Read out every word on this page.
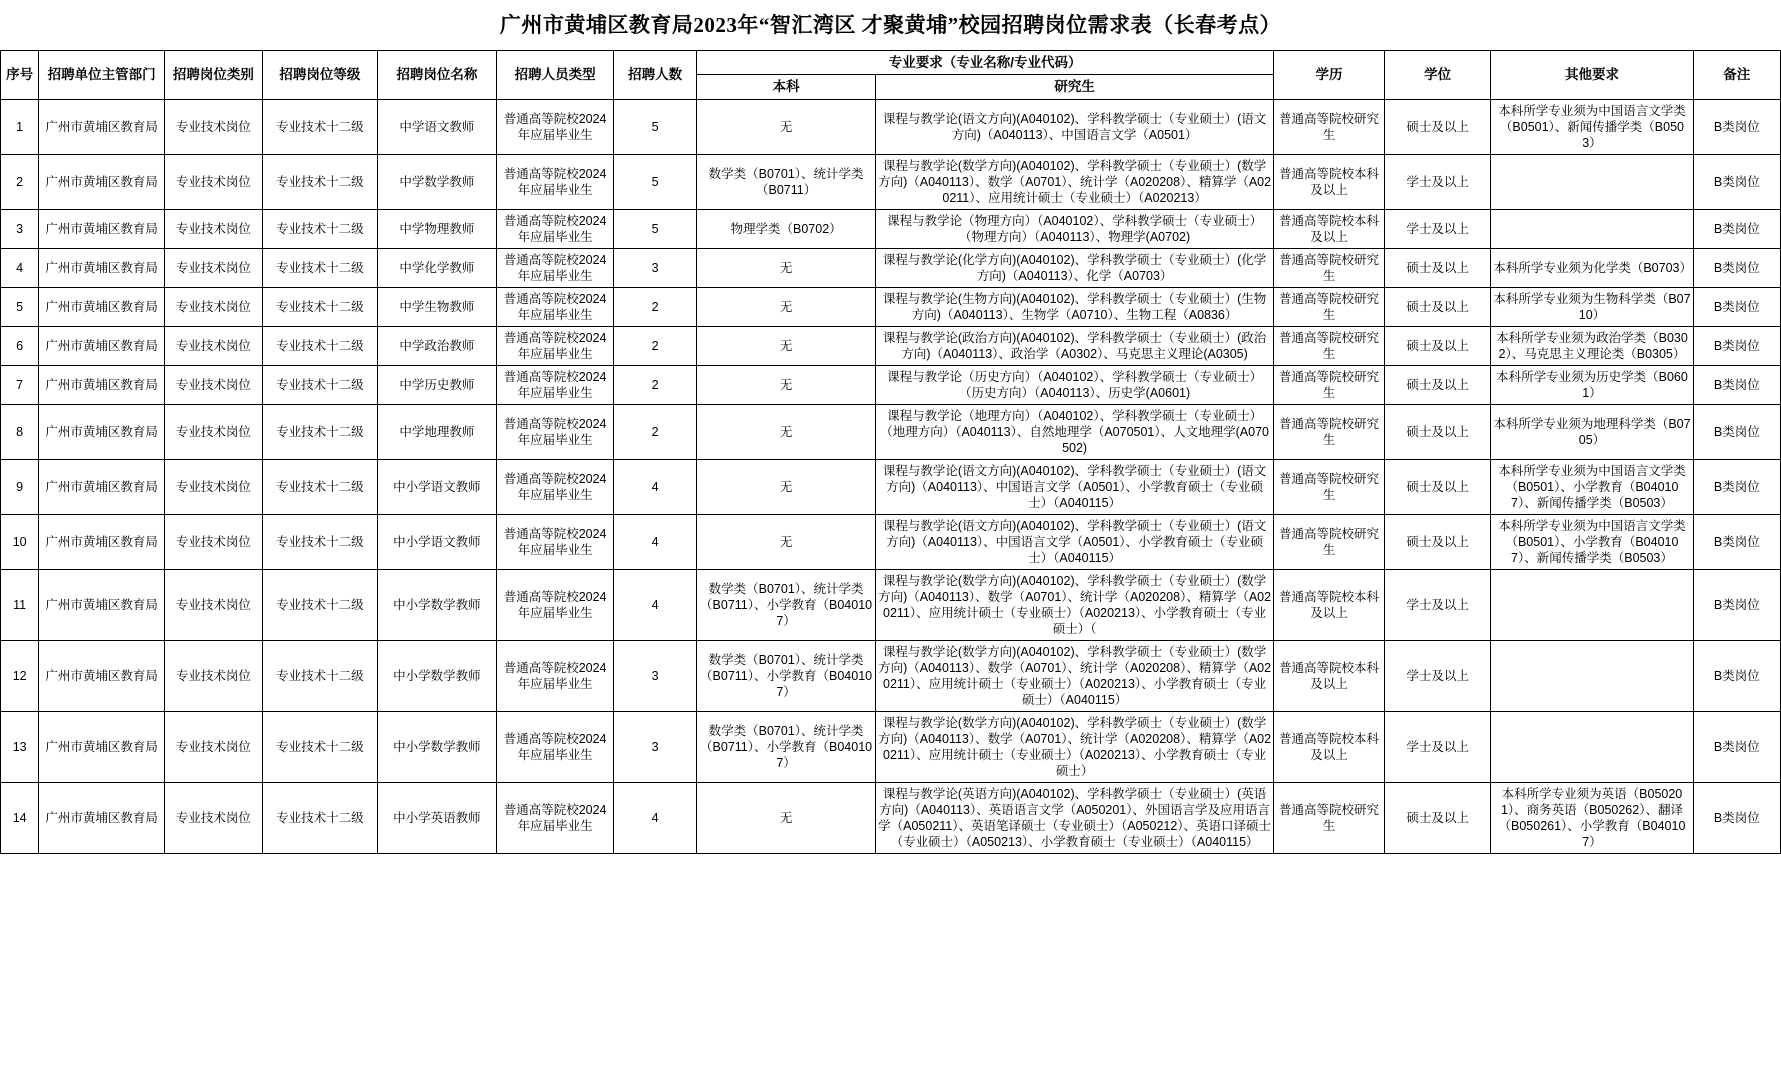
广州市黄埔区教育局2023年“智汇湾区 才聚黄埔”校园招聘岗位需求表（长春考点）
序号	招聘单位主管部门	招聘岗位类别	招聘岗位等级	招聘岗位名称	招聘人员类型	招聘人数	专业要求（专业名称/专业代码）		学历	学位	其他要求	备注
							本科	研究生				
1	广州市黄埔区教育局	专业技术岗位	专业技术十二级	中学语文教师	普通高等院校2024年应届毕业生	5	无	课程与教学论(语文方向)(A040102)、学科教学硕士（专业硕士）(语文方向)（A040113）、中国语言文学（A0501）	普通高等院校研究生	硕士及以上	本科所学专业须为中国语言文学类（B0501）、新闻传播学类（B0503）	B类岗位
2	广州市黄埔区教育局	专业技术岗位	专业技术十二级	中学数学教师	普通高等院校2024年应届毕业生	5	数学类（B0701）、统计学类（B0711）	课程与教学论(数学方向)(A040102)、学科教学硕士（专业硕士）(数学方向)（A040113）、数学（A0701）、统计学（A020208）、精算学（A020211）、应用统计硕士（专业硕士）（A020213）	普通高等院校本科及以上	学士及以上		B类岗位
3	广州市黄埔区教育局	专业技术岗位	专业技术十二级	中学物理教师	普通高等院校2024年应届毕业生	5	物理学类（B0702）	课程与教学论（物理方向）（A040102）、学科教学硕士（专业硕士）（物理方向）（A040113）、物理学(A0702)	普通高等院校本科及以上	学士及以上		B类岗位
4	广州市黄埔区教育局	专业技术岗位	专业技术十二级	中学化学教师	普通高等院校2024年应届毕业生	3	无	课程与教学论(化学方向)(A040102)、学科教学硕士（专业硕士）(化学方向)（A040113）、化学（A0703）	普通高等院校研究生	硕士及以上	本科所学专业须为化学类（B0703）	B类岗位
5	广州市黄埔区教育局	专业技术岗位	专业技术十二级	中学生物教师	普通高等院校2024年应届毕业生	2	无	课程与教学论(生物方向)(A040102)、学科教学硕士（专业硕士）(生物方向)（A040113）、生物学（A0710）、生物工程（A0836）	普通高等院校研究生	硕士及以上	本科所学专业须为生物科学类（B0710）	B类岗位
6	广州市黄埔区教育局	专业技术岗位	专业技术十二级	中学政治教师	普通高等院校2024年应届毕业生	2	无	课程与教学论(政治方向)(A040102)、学科教学硕士（专业硕士）(政治方向)（A040113）、政治学（A0302）、马克思主义理论(A0305)	普通高等院校研究生	硕士及以上	本科所学专业须为政治学类（B0302）、马克思主义理论类（B0305）	B类岗位
7	广州市黄埔区教育局	专业技术岗位	专业技术十二级	中学历史教师	普通高等院校2024年应届毕业生	2	无	课程与教学论（历史方向）（A040102）、学科教学硕士（专业硕士）（历史方向）（A040113）、历史学(A0601)	普通高等院校研究生	硕士及以上	本科所学专业须为历史学类（B0601）	B类岗位
8	广州市黄埔区教育局	专业技术岗位	专业技术十二级	中学地理教师	普通高等院校2024年应届毕业生	2	无	课程与教学论（地理方向）（A040102）、学科教学硕士（专业硕士）（地理方向）（A040113）、自然地理学（A070501）、人文地理学(A070502)	普通高等院校研究生	硕士及以上	本科所学专业须为地理科学类（B0705）	B类岗位
9	广州市黄埔区教育局	专业技术岗位	专业技术十二级	中小学语文教师	普通高等院校2024年应届毕业生	4	无	课程与教学论(语文方向)(A040102)、学科教学硕士（专业硕士）(语文方向)（A040113）、中国语言文学（A0501）、小学教育硕士（专业硕士）（A040115）	普通高等院校研究生	硕士及以上	本科所学专业须为中国语言文学类（B0501）、小学教育（B040107）、新闻传播学类（B0503）	B类岗位
10	广州市黄埔区教育局	专业技术岗位	专业技术十二级	中小学语文教师	普通高等院校2024年应届毕业生	4	无	课程与教学论(语文方向)(A040102)、学科教学硕士（专业硕士）(语文方向)（A040113）、中国语言文学（A0501）、小学教育硕士（专业硕士）（A040115）	普通高等院校研究生	硕士及以上	本科所学专业须为中国语言文学类（B0501）、小学教育（B040107）、新闻传播学类（B0503）	B类岗位
11	广州市黄埔区教育局	专业技术岗位	专业技术十二级	中小学数学教师	普通高等院校2024年应届毕业生	4	数学类（B0701）、统计学类（B0711）、小学教育（B040107）	课程与教学论(数学方向)(A040102)、学科教学硕士（专业硕士）(数学方向)（A040113）、数学（A0701）、统计学（A020208）、精算学（A020211）、应用统计硕士（专业硕士）（A020213）、小学教育硕士（专业硕士）（	普通高等院校本科及以上	学士及以上		B类岗位
12	广州市黄埔区教育局	专业技术岗位	专业技术十二级	中小学数学教师	普通高等院校2024年应届毕业生	3	数学类（B0701）、统计学类（B0711）、小学教育（B040107）	课程与教学论(数学方向)(A040102)、学科教学硕士（专业硕士）(数学方向)（A040113）、数学（A0701）、统计学（A020208）、精算学（A020211）、应用统计硕士（专业硕士）（A020213）、小学教育硕士（专业硕士）（A040115）	普通高等院校本科及以上	学士及以上		B类岗位
13	广州市黄埔区教育局	专业技术岗位	专业技术十二级	中小学数学教师	普通高等院校2024年应届毕业生	3	数学类（B0701）、统计学类（B0711）、小学教育（B040107）	课程与教学论(数学方向)(A040102)、学科教学硕士（专业硕士）(数学方向)（A040113）、数学（A0701）、统计学（A020208）、精算学（A020211）、应用统计硕士（专业硕士）（A020213）、小学教育硕士（专业硕士）	普通高等院校本科及以上	学士及以上		B类岗位
14	广州市黄埔区教育局	专业技术岗位	专业技术十二级	中小学英语教师	普通高等院校2024年应届毕业生	4	无	课程与教学论(英语方向)(A040102)、学科教学硕士（专业硕士）(英语方向)（A040113）、英语语言文学（A050201）、外国语言学及应用语言学（A050211）、英语笔译硕士（专业硕士）（A050212）、英语口译硕士（专业硕士）（A050213）、小学教育硕士（专业硕士）（A040115）	普通高等院校研究生	硕士及以上	本科所学专业须为英语（B050201）、商务英语（B050262）、翻译（B050261）、小学教育（B040107）	B类岗位
